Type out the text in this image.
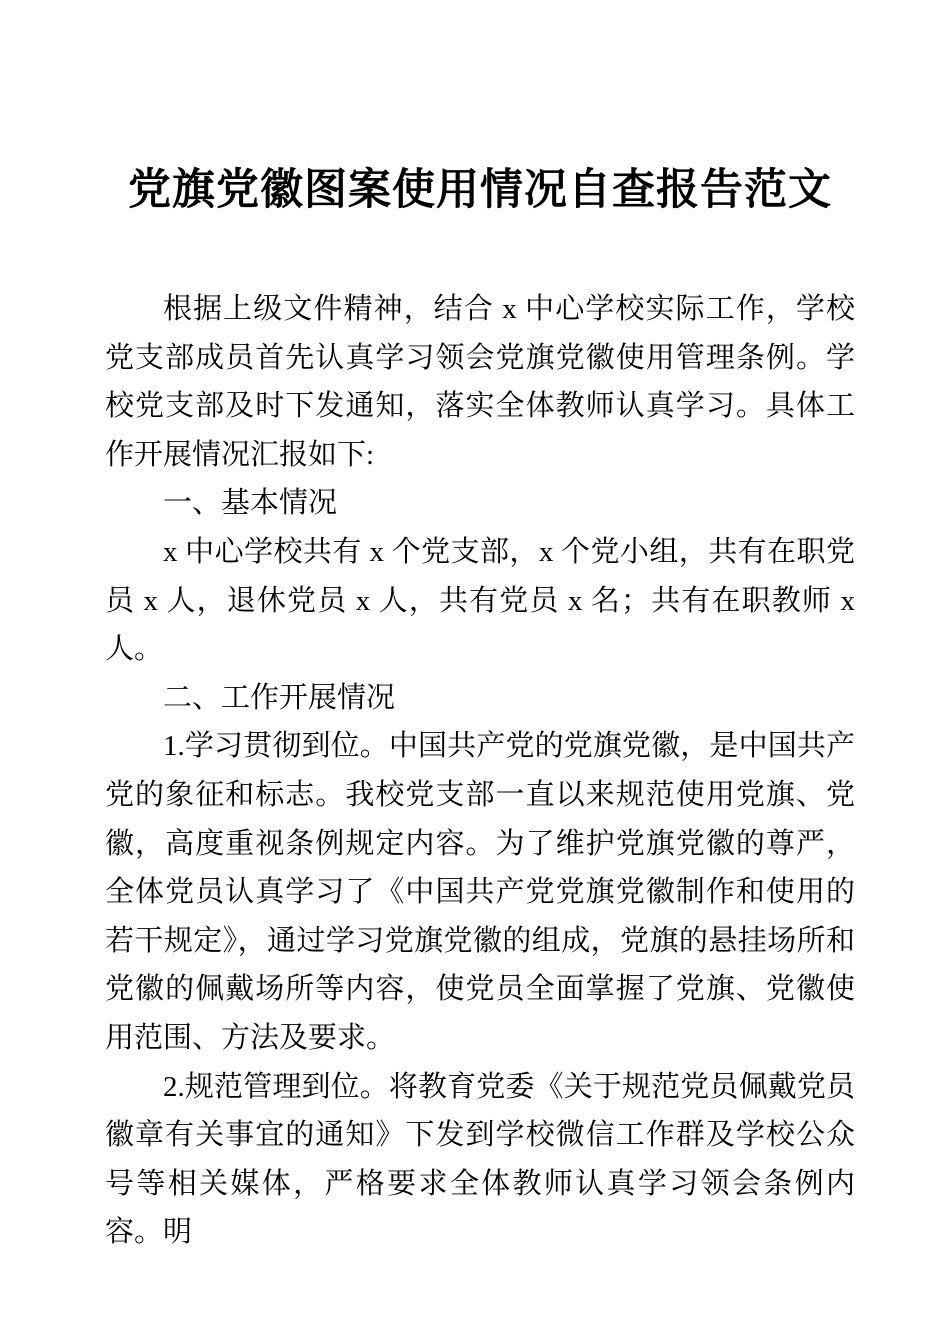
党旗党徽图案使用情况自查报告范文

根据上级文件精神，结合 x 中心学校实际工作，学校党支部成员首先认真学习领会党旗党徽使用管理条例。学校党支部及时下发通知，落实全体教师认真学习。具体工作开展情况汇报如下:

一、基本情况

x 中心学校共有 x 个党支部，x 个党小组，共有在职党员 x 人，退休党员 x 人，共有党员 x 名；共有在职教师 x 人。

二、工作开展情况

1.学习贯彻到位。中国共产党的党旗党徽，是中国共产党的象征和标志。我校党支部一直以来规范使用党旗、党徽，高度重视条例规定内容。为了维护党旗党徽的尊严，全体党员认真学习了《中国共产党党旗党徽制作和使用的若干规定》，通过学习党旗党徽的组成，党旗的悬挂场所和党徽的佩戴场所等内容，使党员全面掌握了党旗、党徽使用范围、方法及要求。

2.规范管理到位。将教育党委《关于规范党员佩戴党员徽章有关事宜的通知》下发到学校微信工作群及学校公众号等相关媒体，严格要求全体教师认真学习领会条例内容。明
